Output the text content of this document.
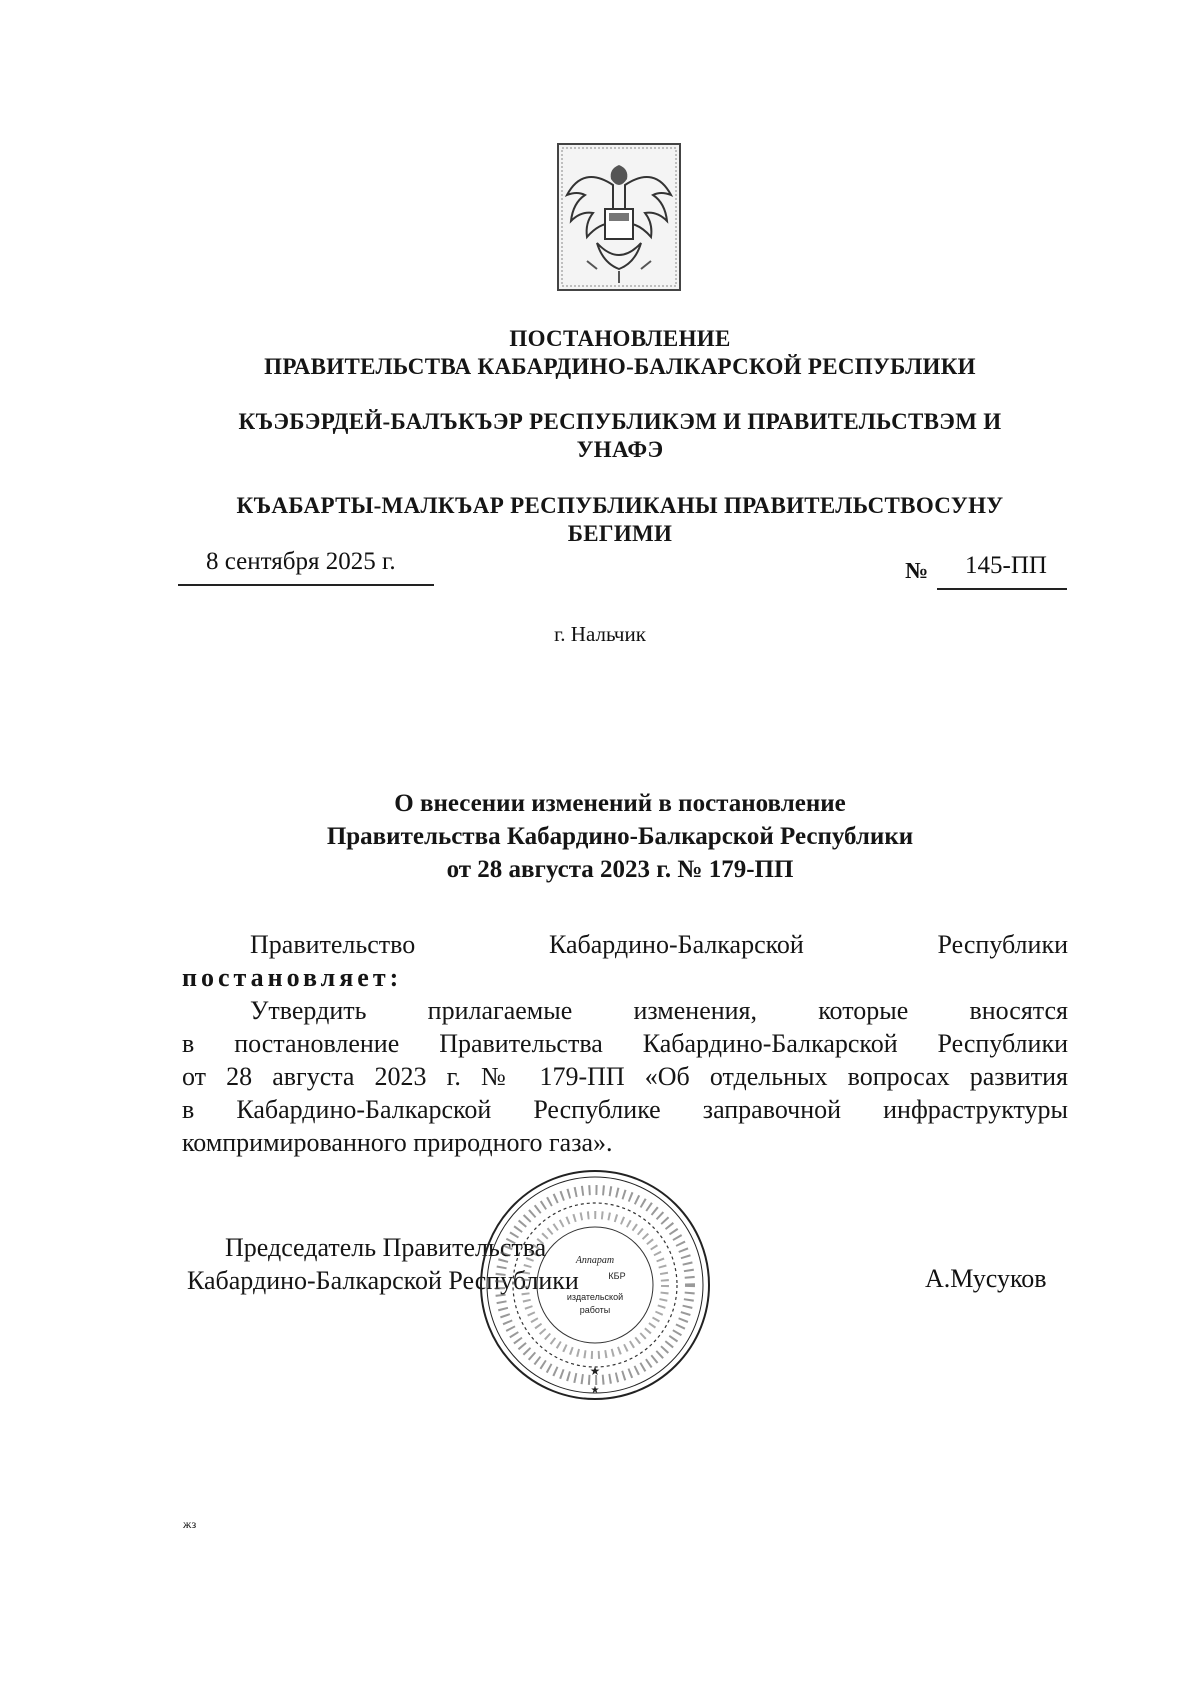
ПОСТАНОВЛЕНИЕ
ПРАВИТЕЛЬСТВА КАБАРДИНО-БАЛКАРСКОЙ РЕСПУБЛИКИ
КЪЭБЭРДЕЙ-БАЛЪКЪЭР РЕСПУБЛИКЭМ И ПРАВИТЕЛЬСТВЭМ И
УНАФЭ
КЪАБАРТЫ-МАЛКЪАР РЕСПУБЛИКАНЫ ПРАВИТЕЛЬСТВОСУНУ
БЕГИМИ
8 сентября 2025 г.	№	145-ПП
г. Нальчик
О внесении изменений в постановление
Правительства Кабардино-Балкарской Республики
от 28 августа 2023 г. № 179-ПП
Правительство Кабардино-Балкарской Республики
постановляет:
Утвердить прилагаемые изменения, которые вносятся
в постановление Правительства Кабардино-Балкарской Республики
от 28 августа 2023 г. № 179-ПП «Об отдельных вопросах развития
в Кабардино-Балкарской Республике заправочной инфраструктуры
компримированного природного газа».
Председатель Правительства
Кабардино-Балкарской Республики	А.Мусуков
Аппарат
КБР
издательской
работы
★
★
жз
